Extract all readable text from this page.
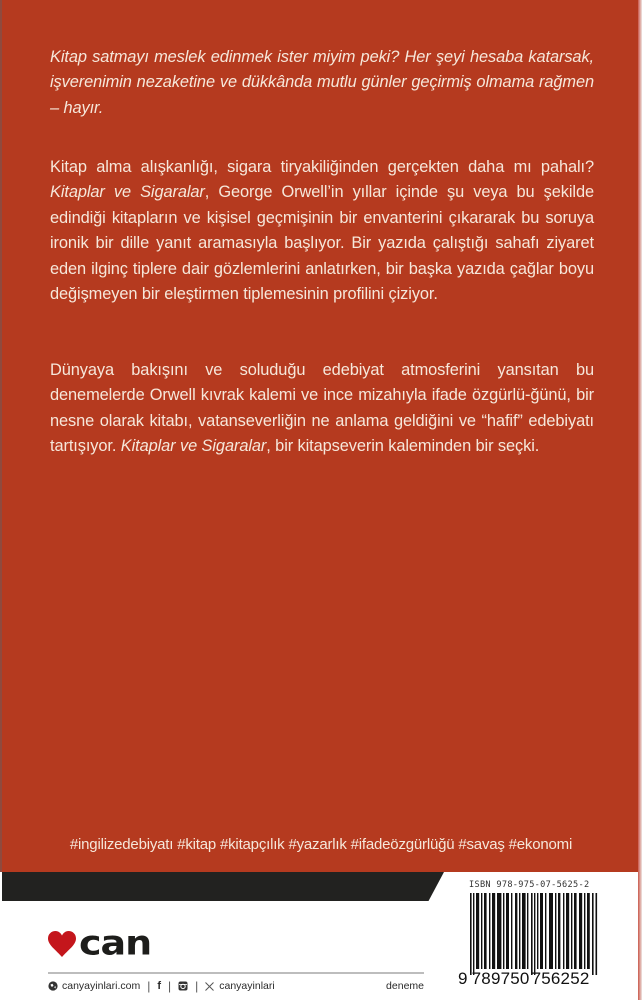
Kitap satmayı meslek edinmek ister miyim peki? Her şeyi hesaba katarsak, işverenimin nezaketine ve dükkânda mutlu günler geçirmiş olmama rağmen – hayır.

Kitap alma alışkanlığı, sigara tiryakiliğinden gerçekten daha mı pahalı? Kitaplar ve Sigaralar, George Orwell’in yıllar içinde şu veya bu şekilde edindiği kitapların ve kişisel geçmişinin bir envanterini çıkararak bu soruya ironik bir dille yanıt aramasıyla başlıyor. Bir yazıda çalıştığı sahafı ziyaret eden ilginç tiplere dair gözlemlerini anlatırken, bir başka yazıda çağlar boyu değişmeyen bir eleştirmen tiplemesinin profilini çiziyor.

Dünyaya bakışını ve soluduğu edebiyat atmosferini yansıtan bu denemelerde Orwell kıvrak kalemi ve ince mizahıyla ifade özgürlü-ğünü, bir nesne olarak kitabı, vatanseverliğin ne anlama geldiğini ve “hafif” edebiyatı tartışıyor. Kitaplar ve Sigaralar, bir kitapseverin kaleminden bir seçki.

#ingilizedebiyatı #kitap #kitapçılık #yazarlık #ifadeözgürlüğü #savaş #ekonomi
can
canyayinlari.com | f | | canyayinlari	deneme
ISBN 978-975-07-5625-2
9 789750 756252
